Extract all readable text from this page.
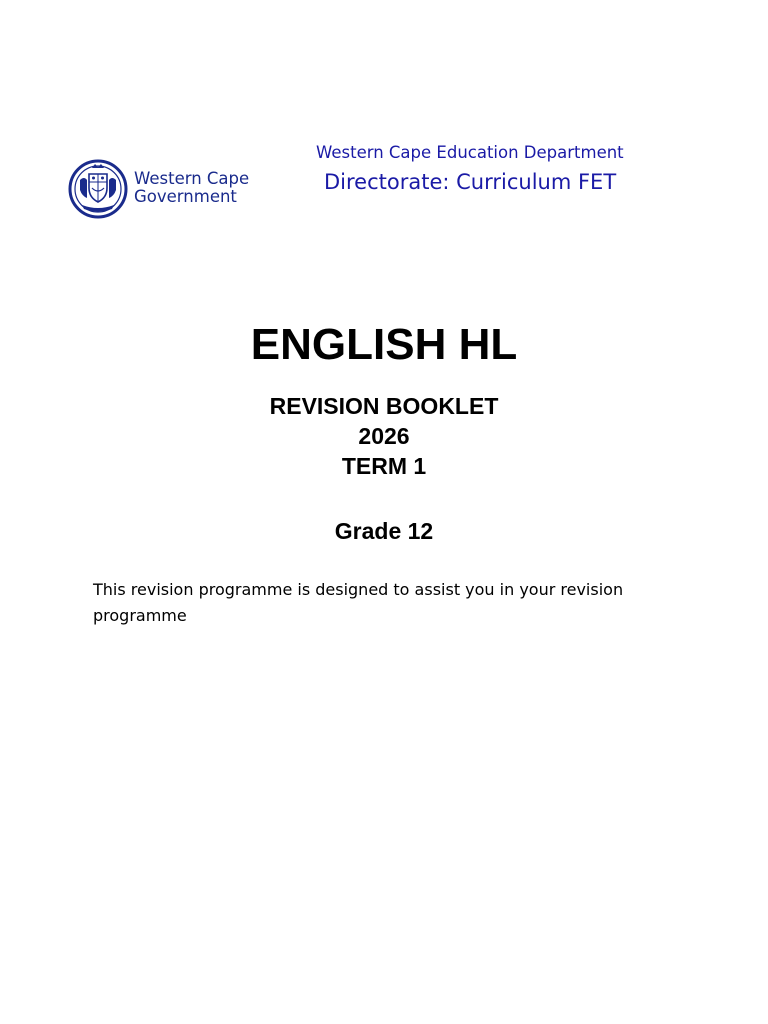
Western Cape
Government
Western Cape Education Department
Directorate: Curriculum FET
ENGLISH HL
REVISION BOOKLET
2026
TERM 1
Grade 12

This revision programme is designed to assist you in your revision programme
